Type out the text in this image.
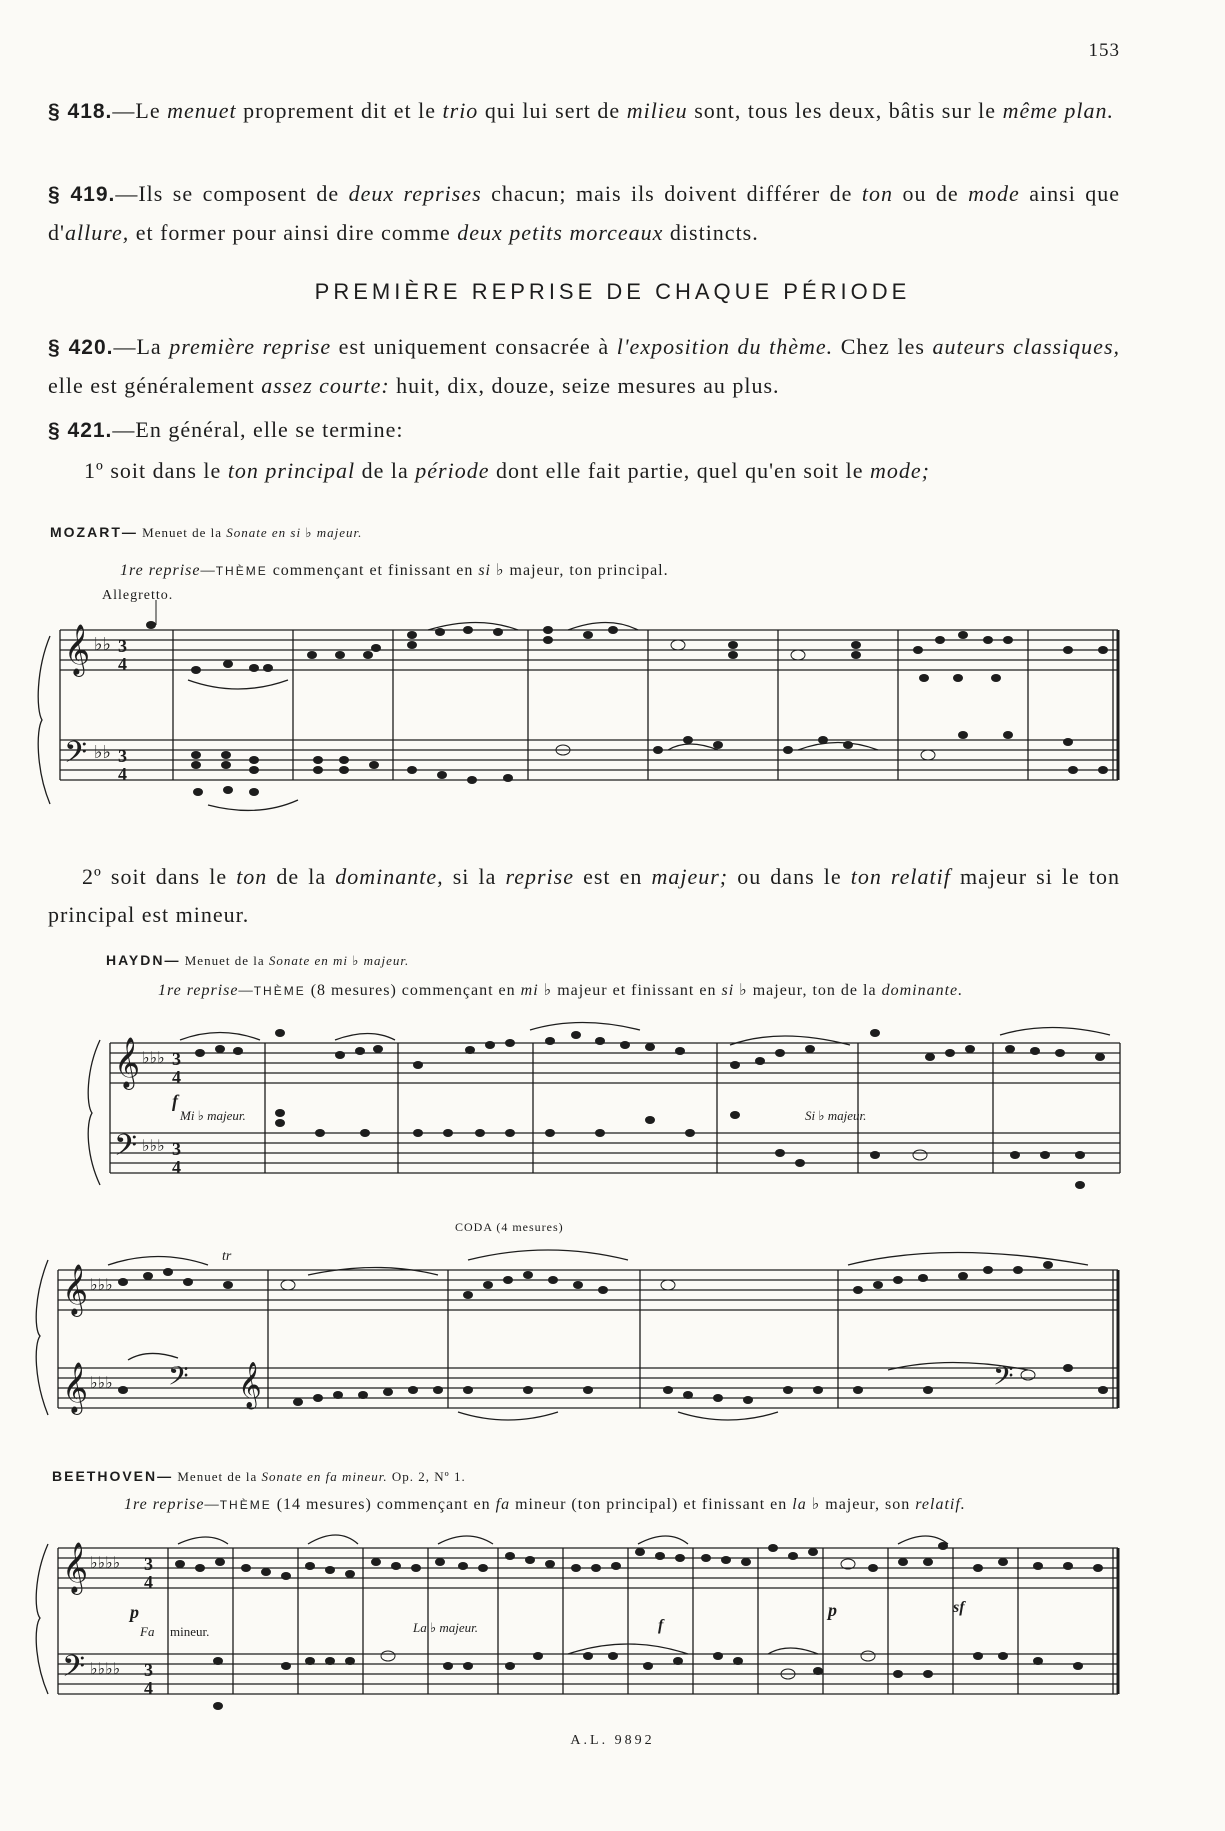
153
§ 418.—Le menuet proprement dit et le trio qui lui sert de milieu sont, tous les deux, bâtis sur le même plan.
§ 419.—Ils se composent de deux reprises chacun; mais ils doivent différer de ton ou de mode ainsi que d'allure, et former pour ainsi dire comme deux petits morceaux distincts.
PREMIÈRE REPRISE DE CHAQUE PÉRIODE
§ 420.—La première reprise est uniquement consacrée à l'exposition du thème. Chez les auteurs classiques, elle est généralement assez courte: huit, dix, douze, seize mesures au plus.
§ 421.—En général, elle se termine:
1º soit dans le ton principal de la période dont elle fait partie, quel qu'en soit le mode;
MOZART— Menuet de la Sonate en si ♭ majeur.
1re reprise—THÈME commençant et finissant en si ♭ majeur, ton principal.
Allegretto.
𝄞
𝄢
♭♭
♭♭
3
4
3
4
2º soit dans le ton de la dominante, si la reprise est en majeur; ou dans le ton relatif majeur si le ton principal est mineur.
HAYDN— Menuet de la Sonate en mi ♭ majeur.
1re reprise—THÈME (8 mesures) commençant en mi ♭ majeur et finissant en si ♭ majeur, ton de la dominante.
𝄞
𝄢
♭♭♭
♭♭♭
3
4
3
4
f
Mi ♭ majeur.	Si ♭ majeur.
CODA (4 mesures)
𝄞
𝄞
♭♭♭
♭♭♭ 𝄢 𝄞	𝄢
tr
BEETHOVEN— Menuet de la Sonate en fa mineur. Op. 2, Nº 1.
1re reprise—THÈME (14 mesures) commençant en fa mineur (ton principal) et finissant en la ♭ majeur, son relatif.
𝄞
𝄢
♭♭♭♭
♭♭♭♭
3
4
3
4
p
Fa mineur.	La ♭ majeur.	f
p	sf
A.L. 9892
